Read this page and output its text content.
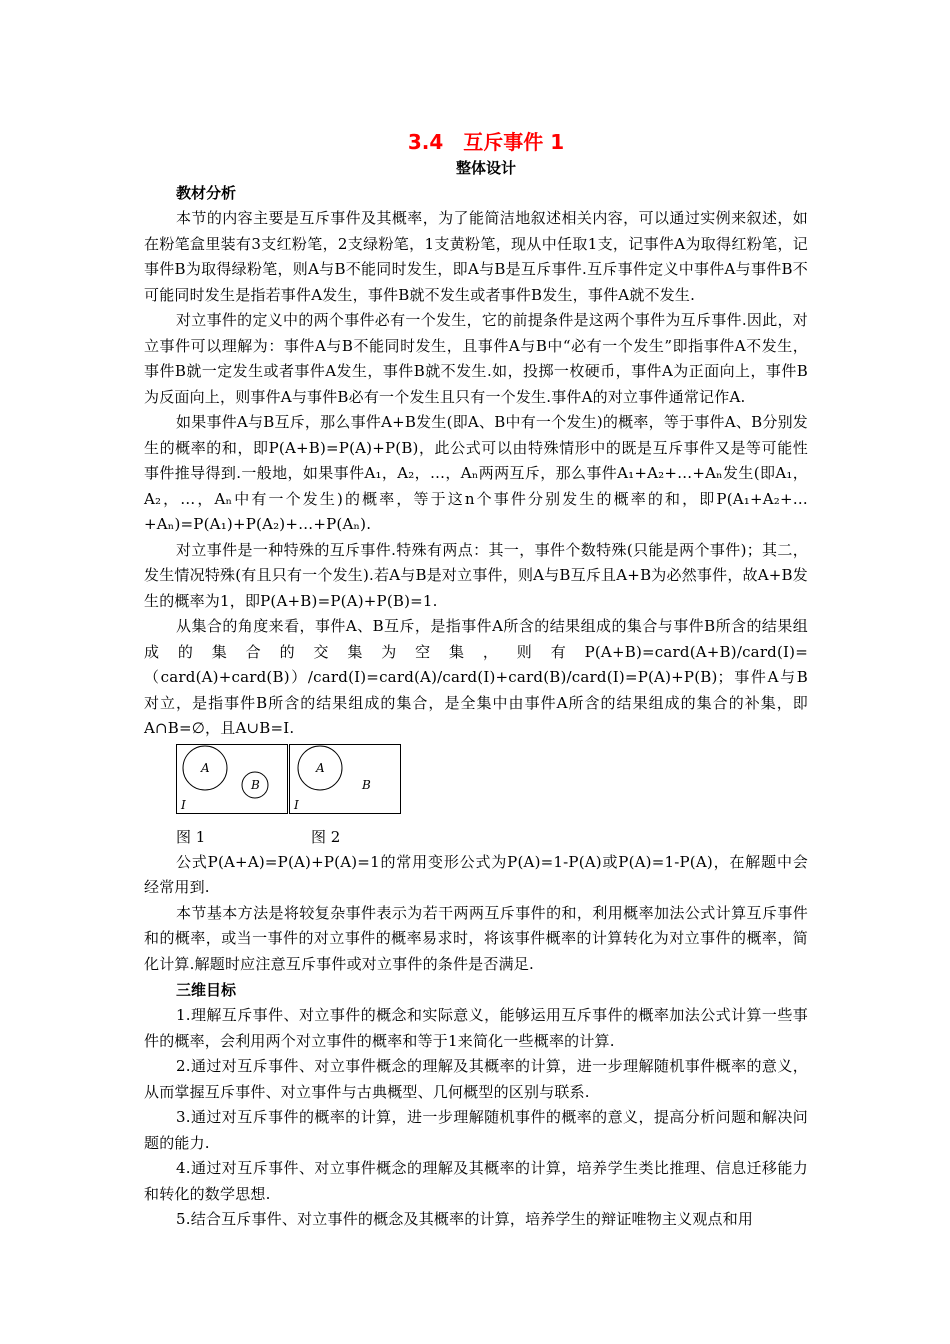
3.4　互斥事件 1
整体设计
教材分析

本节的内容主要是互斥事件及其概率，为了能简洁地叙述相关内容，可以通过实例来叙述，如在粉笔盒里装有3支红粉笔，2支绿粉笔，1支黄粉笔，现从中任取1支，记事件A为取得红粉笔，记事件B为取得绿粉笔，则A与B不能同时发生，即A与B是互斥事件.互斥事件定义中事件A与事件B不可能同时发生是指若事件A发生，事件B就不发生或者事件B发生，事件A就不发生.

对立事件的定义中的两个事件必有一个发生，它的前提条件是这两个事件为互斥事件.因此，对立事件可以理解为：事件A与B不能同时发生，且事件A与B中“必有一个发生”即指事件A不发生，事件B就一定发生或者事件A发生，事件B就不发生.如，投掷一枚硬币，事件A为正面向上，事件B为反面向上，则事件A与事件B必有一个发生且只有一个发生.事件A的对立事件通常记作A.

如果事件A与B互斥，那么事件A+B发生(即A、B中有一个发生)的概率，等于事件A、B分别发生的概率的和，即P(A+B)=P(A)+P(B)，此公式可以由特殊情形中的既是互斥事件又是等可能性事件推导得到.一般地，如果事件A₁，A₂，…，Aₙ两两互斥，那么事件A₁+A₂+…+Aₙ发生(即A₁，A₂，…，Aₙ中有一个发生)的概率，等于这n个事件分别发生的概率的和，即P(A₁+A₂+…+Aₙ)=P(A₁)+P(A₂)+…+P(Aₙ).

对立事件是一种特殊的互斥事件.特殊有两点：其一，事件个数特殊(只能是两个事件)；其二，发生情况特殊(有且只有一个发生).若A与B是对立事件，则A与B互斥且A+B为必然事件，故A+B发生的概率为1，即P(A+B)=P(A)+P(B)=1.

从集合的角度来看，事件A、B互斥，是指事件A所含的结果组成的集合与事件B所含的结果组成的集合的交集为空集，则有P(A+B)=card(A+B)/card(I)=（card(A)+card(B)）/card(I)=card(A)/card(I)+card(B)/card(I)=P(A)+P(B)；事件A与B对立，是指事件B所含的结果组成的集合，是全集中由事件A所含的结果组成的集合的补集，即A∩B=∅，且A∪B=I.

A
B
I
A
B
I
图 1	图 2

公式P(A+A)=P(A)+P(A)=1的常用变形公式为P(A)=1-P(A)或P(A)=1-P(A)，在解题中会经常用到.

本节基本方法是将较复杂事件表示为若干两两互斥事件的和，利用概率加法公式计算互斥事件和的概率，或当一事件的对立事件的概率易求时，将该事件概率的计算转化为对立事件的概率，简化计算.解题时应注意互斥事件或对立事件的条件是否满足.

三维目标

1.理解互斥事件、对立事件的概念和实际意义，能够运用互斥事件的概率加法公式计算一些事件的概率，会利用两个对立事件的概率和等于1来简化一些概率的计算.

2.通过对互斥事件、对立事件概念的理解及其概率的计算，进一步理解随机事件概率的意义，从而掌握互斥事件、对立事件与古典概型、几何概型的区别与联系.

3.通过对互斥事件的概率的计算，进一步理解随机事件的概率的意义，提高分析问题和解决问题的能力.

4.通过对互斥事件、对立事件概念的理解及其概率的计算，培养学生类比推理、信息迁移能力和转化的数学思想.

5.结合互斥事件、对立事件的概念及其概率的计算，培养学生的辩证唯物主义观点和用
